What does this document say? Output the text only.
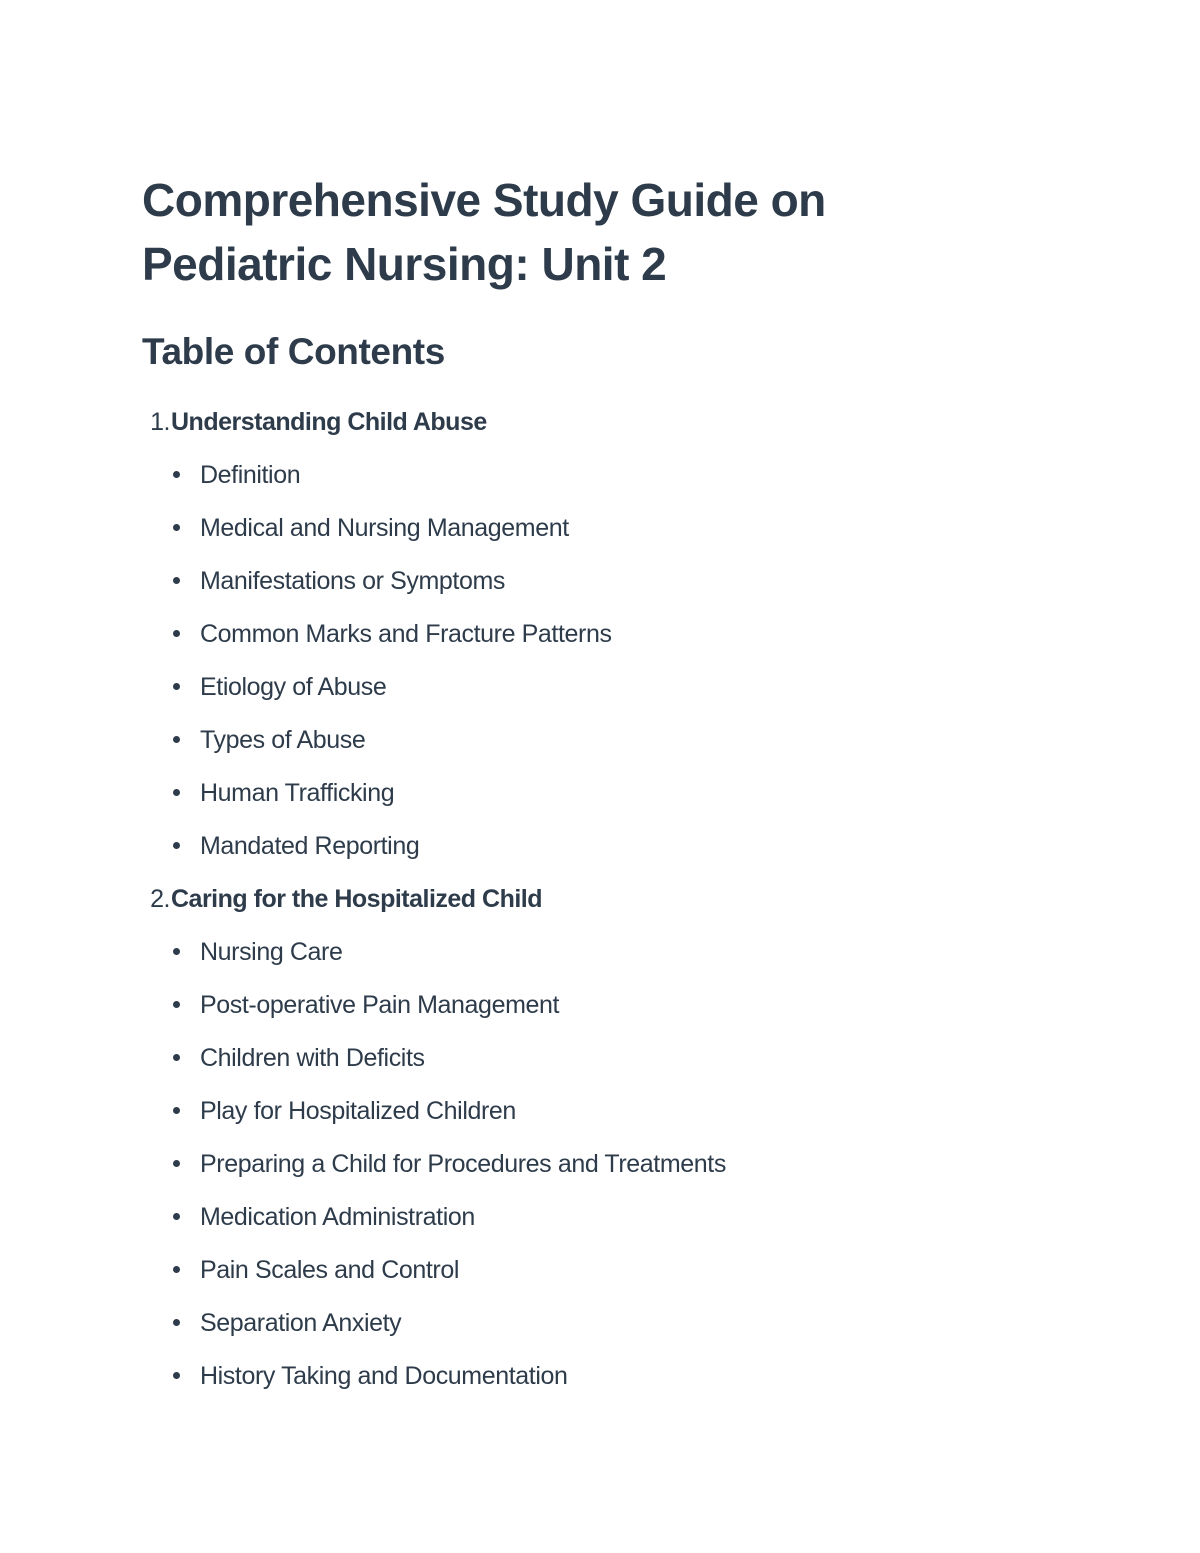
Comprehensive Study Guide on
Pediatric Nursing: Unit 2
Table of Contents
1. Understanding Child Abuse
Definition
Medical and Nursing Management
Manifestations or Symptoms
Common Marks and Fracture Patterns
Etiology of Abuse
Types of Abuse
Human Trafficking
Mandated Reporting
2. Caring for the Hospitalized Child
Nursing Care
Post-operative Pain Management
Children with Deficits
Play for Hospitalized Children
Preparing a Child for Procedures and Treatments
Medication Administration
Pain Scales and Control
Separation Anxiety
History Taking and Documentation
